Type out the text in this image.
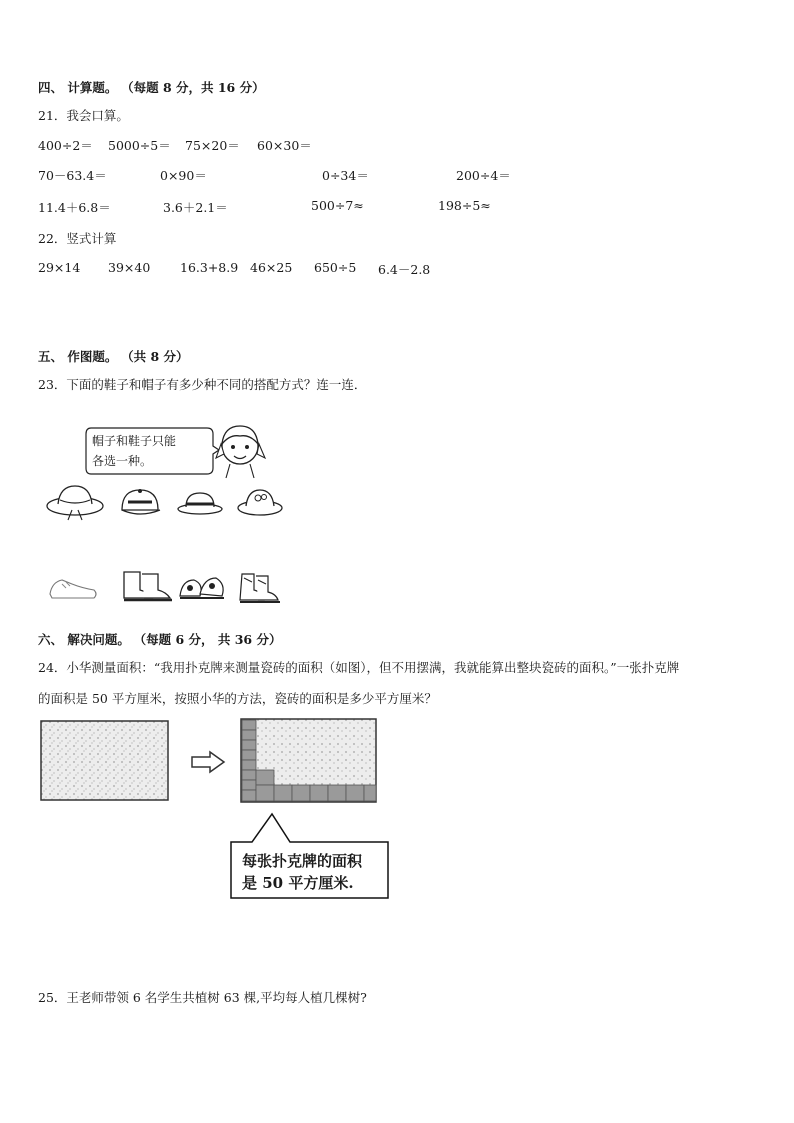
四、 计算题。 （每题 8 分，共 16 分）
21．我会口算。
400÷2＝ 5000÷5＝ 75×20＝ 60×30＝
70－63.4＝	0×90＝	0÷34＝	200÷4＝
11.4＋6.8＝	3.6＋2.1＝	500÷7≈	198÷5≈
22．竖式计算
29×14 39×40 16.3+8.9 46×25 650÷5 6.4－2.8
五、 作图题。 （共 8 分）
23．下面的鞋子和帽子有多少种不同的搭配方式？连一连．
帽子和鞋子只能
各选一种。
六、 解决问题。 （每题 6 分， 共 36 分）
24．小华测量面积：“我用扑克牌来测量瓷砖的面积（如图），但不用摆满，我就能算出整块瓷砖的面积。”一张扑克牌
的面积是 50 平方厘米，按照小华的方法，瓷砖的面积是多少平方厘米？
每张扑克牌的面积
是 50 平方厘米.
25．王老师带领 6 名学生共植树 63 棵,平均每人植几棵树?
